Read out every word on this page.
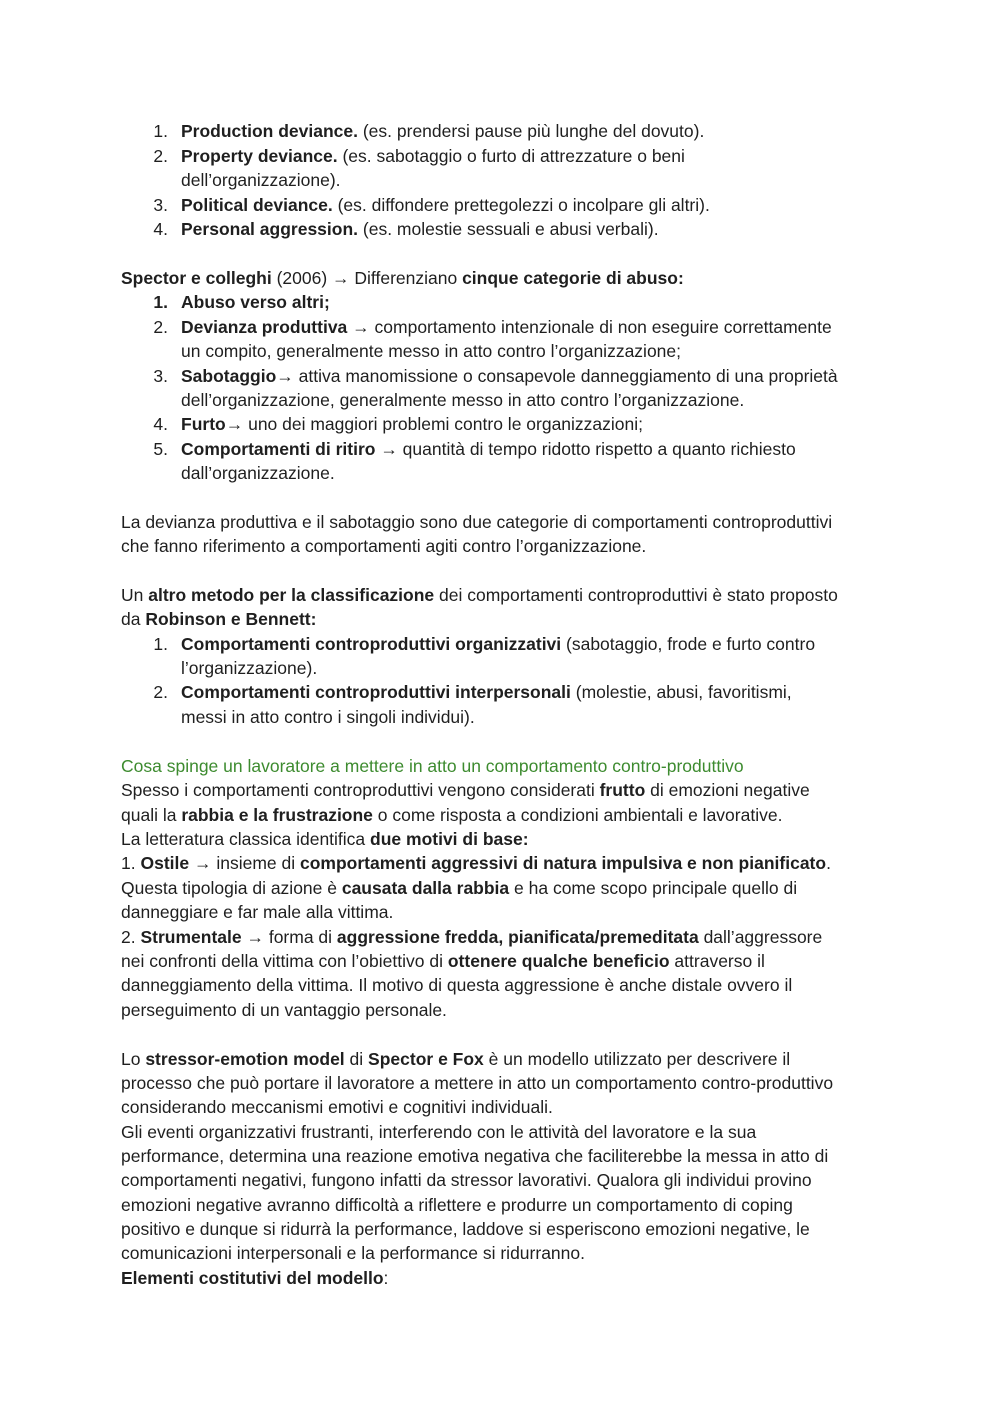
1. Production deviance. (es. prendersi pause più lunghe del dovuto).
2. Property deviance. (es. sabotaggio o furto di attrezzature o beni
dell’organizzazione).
3. Political deviance. (es. diffondere prettegolezzi o incolpare gli altri).
4. Personal aggression. (es. molestie sessuali e abusi verbali).
Spector e colleghi (2006) → Differenziano cinque categorie di abuso:
1. Abuso verso altri;
2. Devianza produttiva → comportamento intenzionale di non eseguire correttamente
un compito, generalmente messo in atto contro l’organizzazione;
3. Sabotaggio→ attiva manomissione o consapevole danneggiamento di una proprietà
dell’organizzazione, generalmente messo in atto contro l’organizzazione.
4. Furto→ uno dei maggiori problemi contro le organizzazioni;
5. Comportamenti di ritiro → quantità di tempo ridotto rispetto a quanto richiesto
dall’organizzazione.
La devianza produttiva e il sabotaggio sono due categorie di comportamenti controproduttivi
che fanno riferimento a comportamenti agiti contro l’organizzazione.
Un altro metodo per la classificazione dei comportamenti controproduttivi è stato proposto
da Robinson e Bennett:
1. Comportamenti controproduttivi organizzativi (sabotaggio, frode e furto contro
l’organizzazione).
2. Comportamenti controproduttivi interpersonali (molestie, abusi, favoritismi,
messi in atto contro i singoli individui).
Cosa spinge un lavoratore a mettere in atto un comportamento contro-produttivo
Spesso i comportamenti controproduttivi vengono considerati frutto di emozioni negative
quali la rabbia e la frustrazione o come risposta a condizioni ambientali e lavorative.
La letteratura classica identifica due motivi di base:
1. Ostile → insieme di comportamenti aggressivi di natura impulsiva e non pianificato.
Questa tipologia di azione è causata dalla rabbia e ha come scopo principale quello di
danneggiare e far male alla vittima.
2. Strumentale → forma di aggressione fredda, pianificata/premeditata dall’aggressore
nei confronti della vittima con l’obiettivo di ottenere qualche beneficio attraverso il
danneggiamento della vittima. Il motivo di questa aggressione è anche distale ovvero il
perseguimento di un vantaggio personale.
Lo stressor-emotion model di Spector e Fox è un modello utilizzato per descrivere il
processo che può portare il lavoratore a mettere in atto un comportamento contro-produttivo
considerando meccanismi emotivi e cognitivi individuali.
Gli eventi organizzativi frustranti, interferendo con le attività del lavoratore e la sua
performance, determina una reazione emotiva negativa che faciliterebbe la messa in atto di
comportamenti negativi, fungono infatti da stressor lavorativi. Qualora gli individui provino
emozioni negative avranno difficoltà a riflettere e produrre un comportamento di coping
positivo e dunque si ridurrà la performance, laddove si esperiscono emozioni negative, le
comunicazioni interpersonali e la performance si ridurranno.
Elementi costitutivi del modello:
